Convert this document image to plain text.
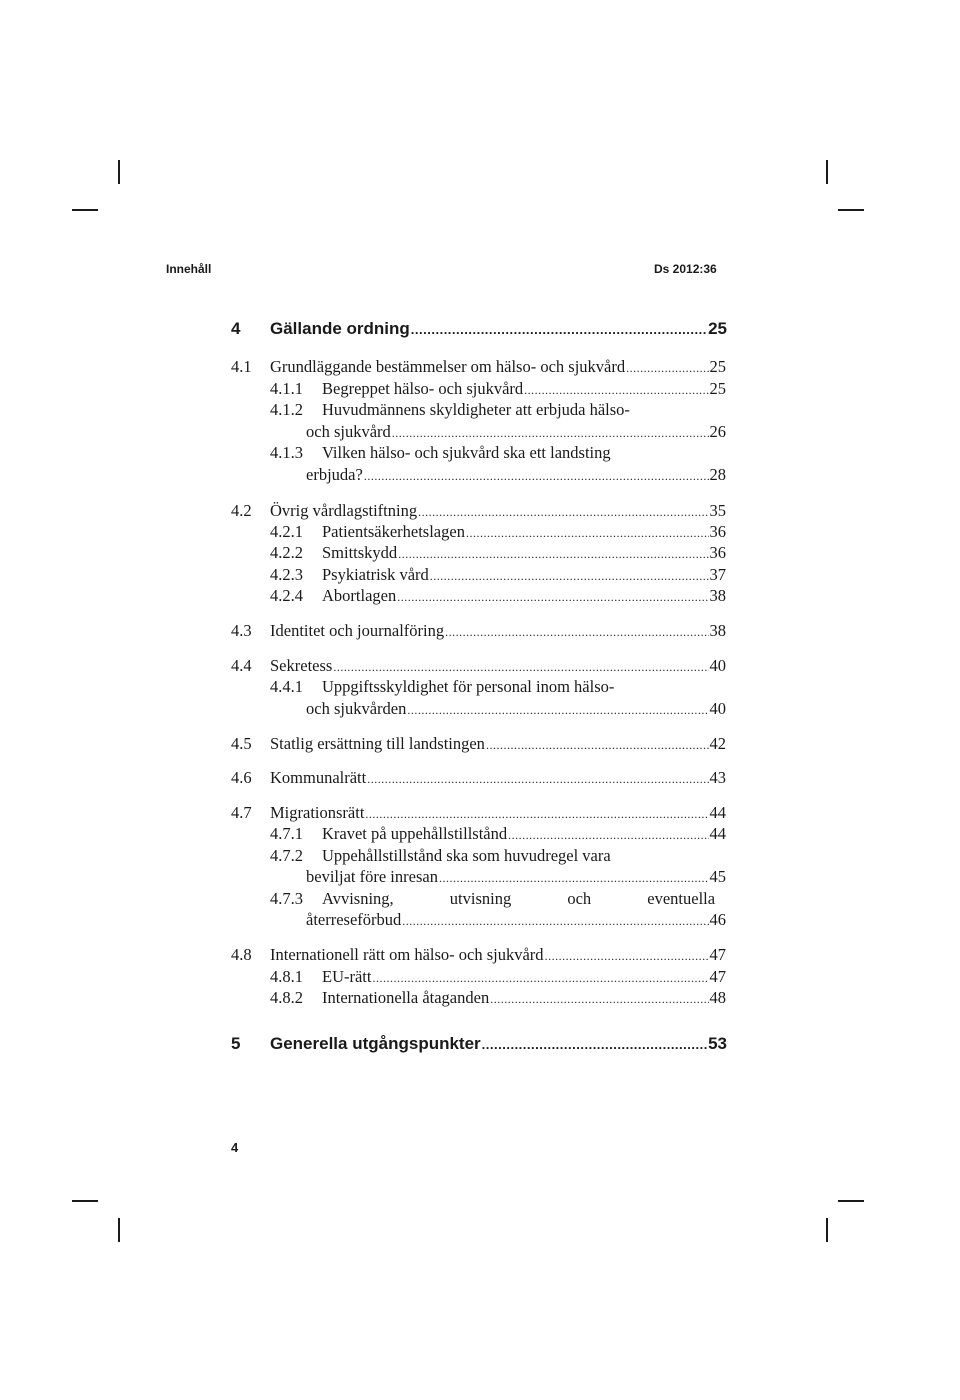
Innehåll	Ds 2012:36
4 Gällande ordning .....	25
4.1 Grundläggande bestämmelser om hälso- och sjukvård .....	25
4.1.1 Begreppet hälso- och sjukvård .....	25
4.1.2 Huvudmännens skyldigheter att erbjuda hälso-
och sjukvård .....	26
4.1.3 Vilken hälso- och sjukvård ska ett landsting
erbjuda? .....	28
4.2 Övrig vårdlagstiftning .....	35
4.2.1 Patientsäkerhetslagen .....	36
4.2.2 Smittskydd .....	36
4.2.3 Psykiatrisk vård .....	37
4.2.4 Abortlagen .....	38
4.3 Identitet och journalföring .....	38
4.4 Sekretess .....	40
4.4.1 Uppgiftsskyldighet för personal inom hälso-
och sjukvården .....	40
4.5 Statlig ersättning till landstingen .....	42
4.6 Kommunalrätt .....	43
4.7 Migrationsrätt .....	44
4.7.1 Kravet på uppehållstillstånd .....	44
4.7.2 Uppehållstillstånd ska som huvudregel vara
beviljat före inresan .....	45
4.7.3 Avvisning, utvisning och eventuella
återreseförbud .....	46
4.8 Internationell rätt om hälso- och sjukvård .....	47
4.8.1 EU-rätt .....	47
4.8.2 Internationella åtaganden .....	48
5 Generella utgångspunkter .....	53
4
